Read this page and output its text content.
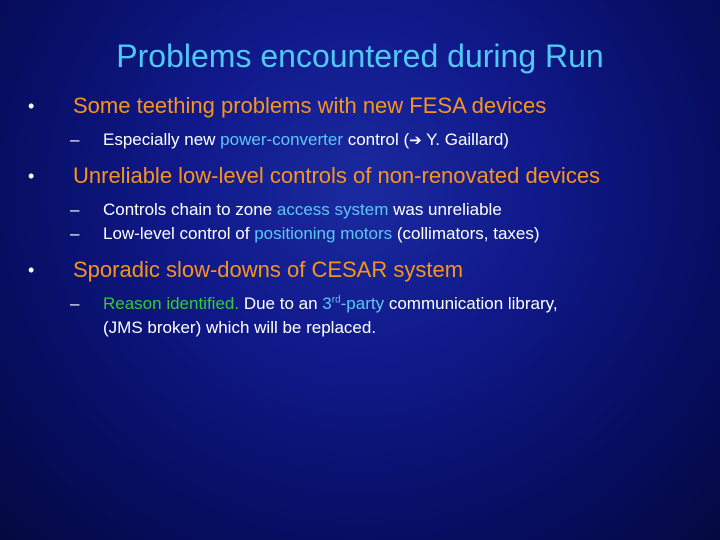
Problems encountered during Run
• Some teething problems with new FESA devices
– Especially new power-converter control (➔ Y. Gaillard)
• Unreliable low-level controls of non-renovated devices
– Controls chain to zone access system was unreliable
– Low-level control of positioning motors (collimators, taxes)
• Sporadic slow-downs of CESAR system
– Reason identified. Due to an 3rd-party communication library,
(JMS broker) which will be replaced.
